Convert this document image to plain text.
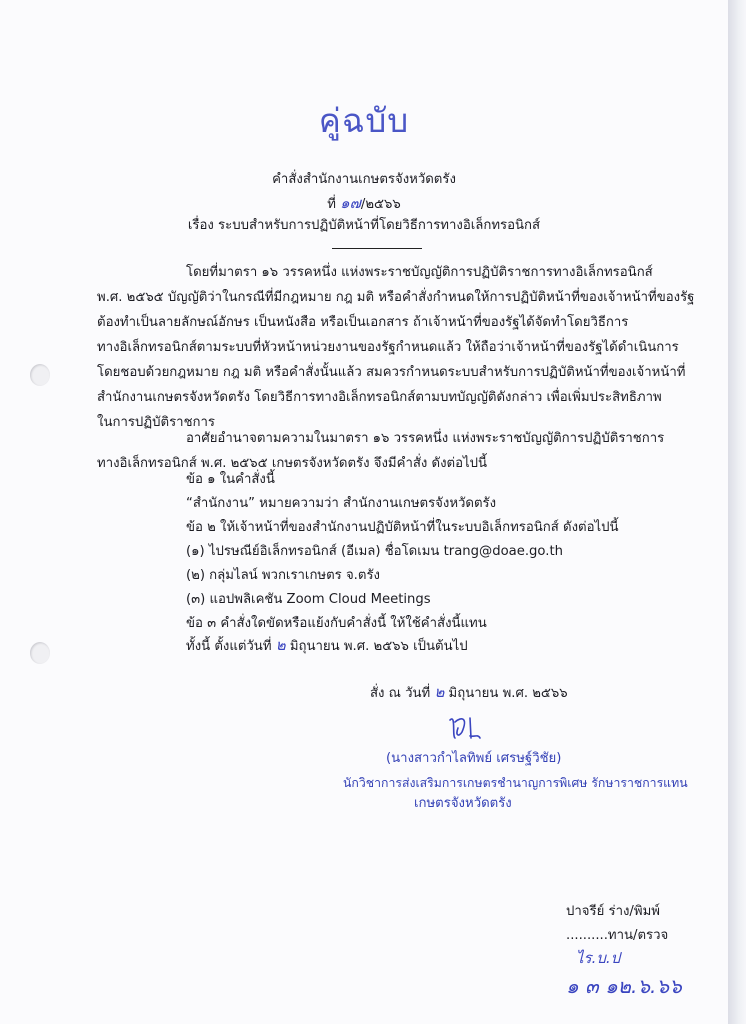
คู่ฉบับ
คำสั่งสำนักงานเกษตรจังหวัดตรัง
ที่ ๑๗/๒๕๖๖
เรื่อง ระบบสำหรับการปฏิบัติหน้าที่โดยวิธีการทางอิเล็กทรอนิกส์
โดยที่มาตรา ๑๖ วรรคหนึ่ง แห่งพระราชบัญญัติการปฏิบัติราชการทางอิเล็กทรอนิกส์
พ.ศ. ๒๕๖๕ บัญญัติว่าในกรณีที่มีกฎหมาย กฎ มติ หรือคำสั่งกำหนดให้การปฏิบัติหน้าที่ของเจ้าหน้าที่ของรัฐ
ต้องทำเป็นลายลักษณ์อักษร เป็นหนังสือ หรือเป็นเอกสาร ถ้าเจ้าหน้าที่ของรัฐได้จัดทำโดยวิธีการ
ทางอิเล็กทรอนิกส์ตามระบบที่หัวหน้าหน่วยงานของรัฐกำหนดแล้ว ให้ถือว่าเจ้าหน้าที่ของรัฐได้ดำเนินการ
โดยชอบด้วยกฎหมาย กฎ มติ หรือคำสั่งนั้นแล้ว สมควรกำหนดระบบสำหรับการปฏิบัติหน้าที่ของเจ้าหน้าที่
สำนักงานเกษตรจังหวัดตรัง โดยวิธีการทางอิเล็กทรอนิกส์ตามบทบัญญัติดังกล่าว เพื่อเพิ่มประสิทธิภาพ
ในการปฏิบัติราชการ
อาศัยอำนาจตามความในมาตรา ๑๖ วรรคหนึ่ง แห่งพระราชบัญญัติการปฏิบัติราชการ
ทางอิเล็กทรอนิกส์ พ.ศ. ๒๕๖๕ เกษตรจังหวัดตรัง จึงมีคำสั่ง ดังต่อไปนี้
ข้อ ๑ ในคำสั่งนี้
“สำนักงาน” หมายความว่า สำนักงานเกษตรจังหวัดตรัง
ข้อ ๒ ให้เจ้าหน้าที่ของสำนักงานปฏิบัติหน้าที่ในระบบอิเล็กทรอนิกส์ ดังต่อไปนี้
(๑) ไปรษณีย์อิเล็กทรอนิกส์ (อีเมล) ชื่อโดเมน trang@doae.go.th
(๒) กลุ่มไลน์ พวกเราเกษตร จ.ตรัง
(๓) แอปพลิเคชัน Zoom Cloud Meetings
ข้อ ๓ คำสั่งใดขัดหรือแย้งกับคำสั่งนี้ ให้ใช้คำสั่งนี้แทน
ทั้งนี้ ตั้งแต่วันที่ ๒ มิถุนายน พ.ศ. ๒๕๖๖ เป็นต้นไป
สั่ง ณ วันที่ ๒ มิถุนายน พ.ศ. ๒๕๖๖
(นางสาวกำไลทิพย์ เศรษฐ์วิชัย)
นักวิชาการส่งเสริมการเกษตรชำนาญการพิเศษ รักษาราชการแทน
เกษตรจังหวัดตรัง
ปาจรีย์ ร่าง/พิมพ์
..........ทาน/ตรวจ
ไร.บ.ป
๑ ๓ ๑๒.๖.๖๖
